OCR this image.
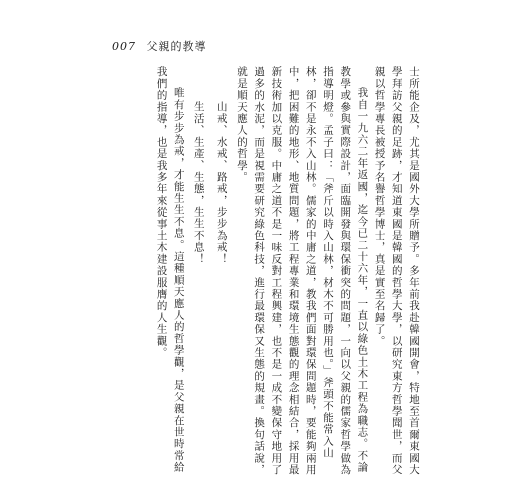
007 父親的教導

士所能企及，尤其是國外大學所贈予。多年前我赴韓國開會，特地至首爾東國大學拜訪父親的足跡，才知道東國是韓國的哲學大學，以研究東方哲學聞世，而父親以哲學專長被授予名譽哲學博士，真是實至名歸了。

我自一九六二年返國，迄今已二十六年，一直以綠色土木工程為職志。不論教學或參與實際設計，面臨開發與環保衝突的問題，一向以父親的儒家哲學做為指導明燈。孟子曰：「斧斤以時入山林，材木不可勝用也。」斧頭不能常入山林，卻不是永不入山林。儒家的中庸之道，教我們面對環保問題時，要能夠兩用中，把困難的地形、地質問題，將工程專業和環境生態觀的理念相結合，採用最新技術加以克服。中庸之道不是一味反對工程興建，也不是一成不變保守地用了過多的水泥，而是視需要研究綠色科技，進行最環保又生態的規畫。換句話說，就是順天應人的哲學。

山戒、水戒、路戒，步步為戒！

生活、生產、生態，生生不息！

唯有步步為戒，才能生生不息。這種順天應人的哲學觀，是父親在世時常給我們的指導，也是我多年來從事土木建設服膺的人生觀。
